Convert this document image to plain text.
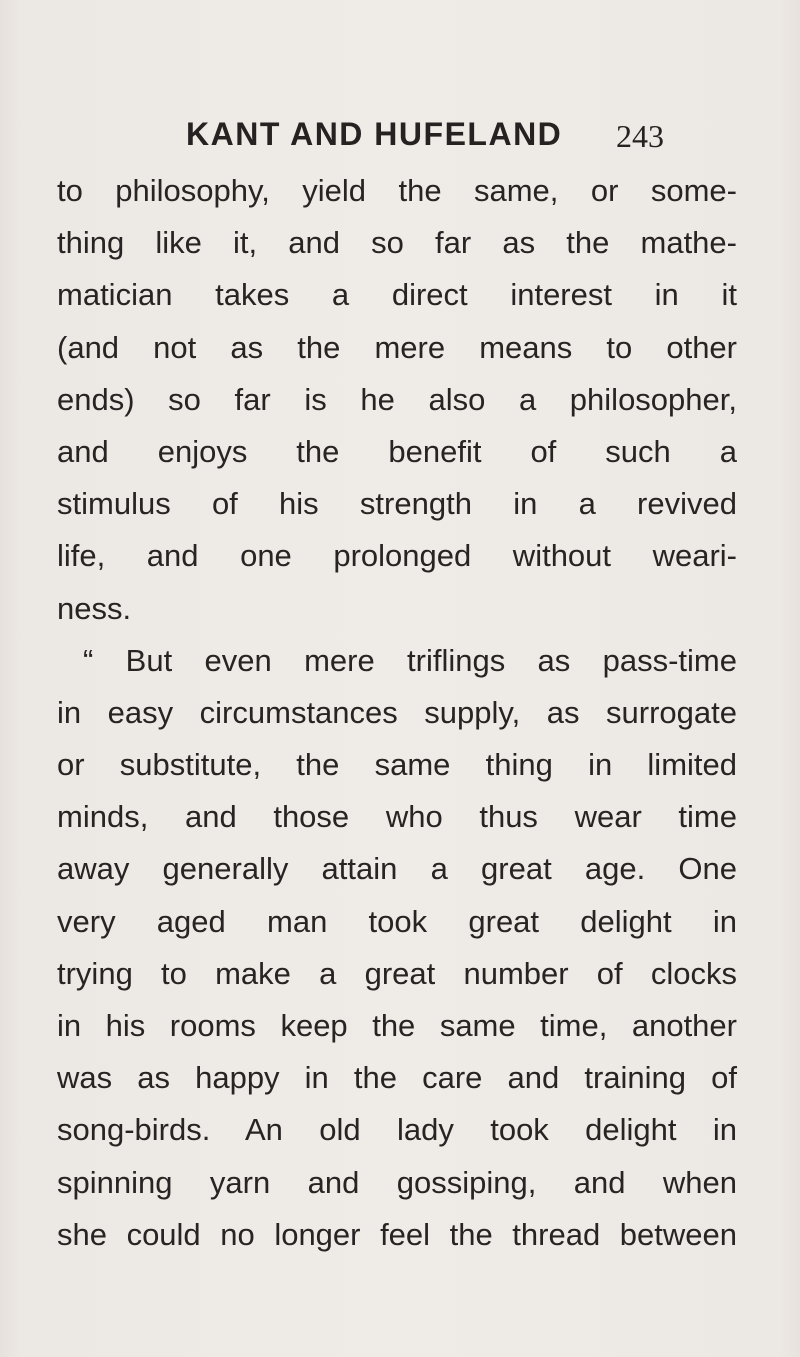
KANT AND HUFELAND 243
to philosophy, yield the same, or some-
thing like it, and so far as the mathe-
matician takes a direct interest in it
(and not as the mere means to other
ends) so far is he also a philosopher,
and enjoys the benefit of such a
stimulus of his strength in a revived
life, and one prolonged without weari-
ness.
“ But even mere triflings as pass-time
in easy circumstances supply, as surrogate
or substitute, the same thing in limited
minds, and those who thus wear time
away generally attain a great age. One
very aged man took great delight in
trying to make a great number of clocks
in his rooms keep the same time, another
was as happy in the care and training of
song-birds. An old lady took delight in
spinning yarn and gossiping, and when
she could no longer feel the thread between
